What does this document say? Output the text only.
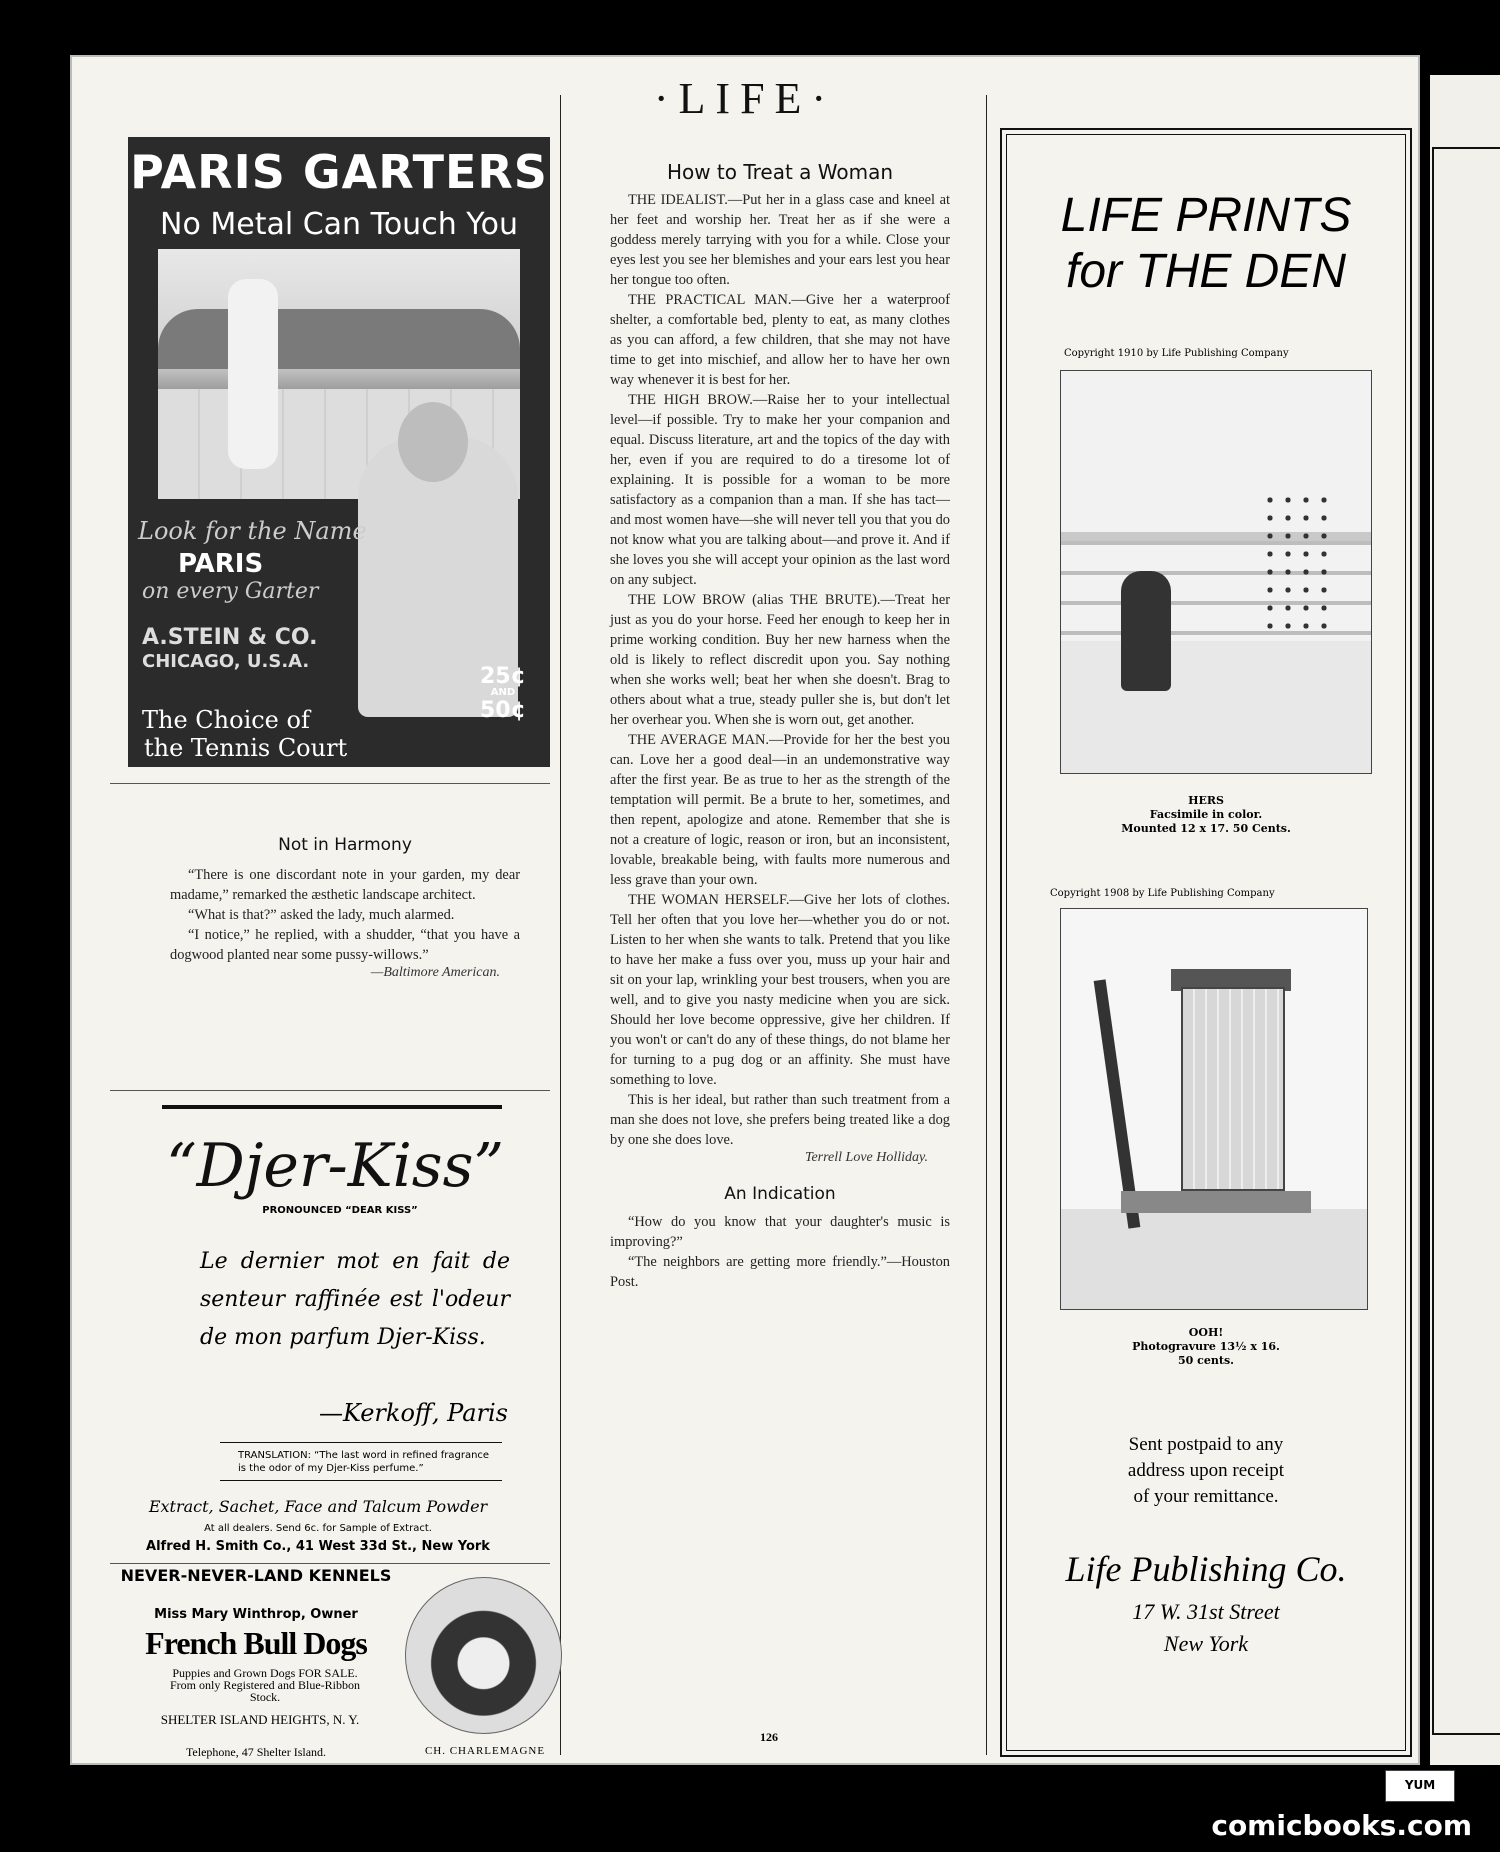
·LIFE·
PARIS GARTERS
No Metal Can Touch You
Look for the Name
PARIS
on every Garter
A.STEIN & CO.
CHICAGO, U.S.A.
25¢
AND
50¢
The Choice of
the Tennis Court
Not in Harmony

“There is one discordant note in your garden, my dear madame,” remarked the æsthetic landscape architect.

“What is that?” asked the lady, much alarmed.

“I notice,” he replied, with a shudder, “that you have a dogwood planted near some pussy-willows.”

—Baltimore American.
“Djer-Kiss”
PRONOUNCED “DEAR KISS”
Le dernier mot en fait de senteur raffinée est l'odeur de mon parfum Djer-Kiss.
—Kerkoff, Paris
TRANSLATION: “The last word in refined fragrance is the odor of my Djer-Kiss perfume.”
Extract, Sachet, Face and Talcum Powder
At all dealers. Send 6c. for Sample of Extract.
Alfred H. Smith Co., 41 West 33d St., New York
NEVER-NEVER-LAND KENNELS
Miss Mary Winthrop, Owner
French Bull Dogs
Puppies and Grown Dogs FOR SALE. From only Registered and Blue-Ribbon Stock.
SHELTER ISLAND HEIGHTS, N. Y.
Telephone, 47 Shelter Island.	CH. CHARLEMAGNE
How to Treat a Woman

THE IDEALIST.—Put her in a glass case and kneel at her feet and worship her. Treat her as if she were a goddess merely tarrying with you for a while. Close your eyes lest you see her blemishes and your ears lest you hear her tongue too often.

THE PRACTICAL MAN.—Give her a waterproof shelter, a comfortable bed, plenty to eat, as many clothes as you can afford, a few children, that she may not have time to get into mischief, and allow her to have her own way whenever it is best for her.

THE HIGH BROW.—Raise her to your intellectual level—if possible. Try to make her your companion and equal. Discuss literature, art and the topics of the day with her, even if you are required to do a tiresome lot of explaining. It is possible for a woman to be more satisfactory as a companion than a man. If she has tact—and most women have—she will never tell you that you do not know what you are talking about—and prove it. And if she loves you she will accept your opinion as the last word on any subject.

THE LOW BROW (alias THE BRUTE).—Treat her just as you do your horse. Feed her enough to keep her in prime working condition. Buy her new harness when the old is likely to reflect discredit upon you. Say nothing when she works well; beat her when she doesn't. Brag to others about what a true, steady puller she is, but don't let her overhear you. When she is worn out, get another.

THE AVERAGE MAN.—Provide for her the best you can. Love her a good deal—in an undemonstrative way after the first year. Be as true to her as the strength of the temptation will permit. Be a brute to her, sometimes, and then repent, apologize and atone. Remember that she is not a creature of logic, reason or iron, but an inconsistent, lovable, breakable being, with faults more numerous and less grave than your own.

THE WOMAN HERSELF.—Give her lots of clothes. Tell her often that you love her—whether you do or not. Listen to her when she wants to talk. Pretend that you like to have her make a fuss over you, muss up your hair and sit on your lap, wrinkling your best trousers, when you are well, and to give you nasty medicine when you are sick. Should her love become oppressive, give her children. If you won't or can't do any of these things, do not blame her for turning to a pug dog or an affinity. She must have something to love.

This is her ideal, but rather than such treatment from a man she does not love, she prefers being treated like a dog by one she does love.

Terrell Love Holliday.
An Indication

“How do you know that your daughter's music is improving?”

“The neighbors are getting more friendly.”—Houston Post.

LIFE PRINTS
for THE DEN
Copyright 1910 by Life Publishing Company
HERS
Facsimile in color.
Mounted 12 x 17. 50 Cents.
Copyright 1908 by Life Publishing Company
OOH!
Photogravure 13½ x 16.
50 cents.
Sent postpaid to any
address upon receipt
of your remittance.
Life Publishing Co.
17 W. 31st Street
New York
126
YUM
comicbooks.com
